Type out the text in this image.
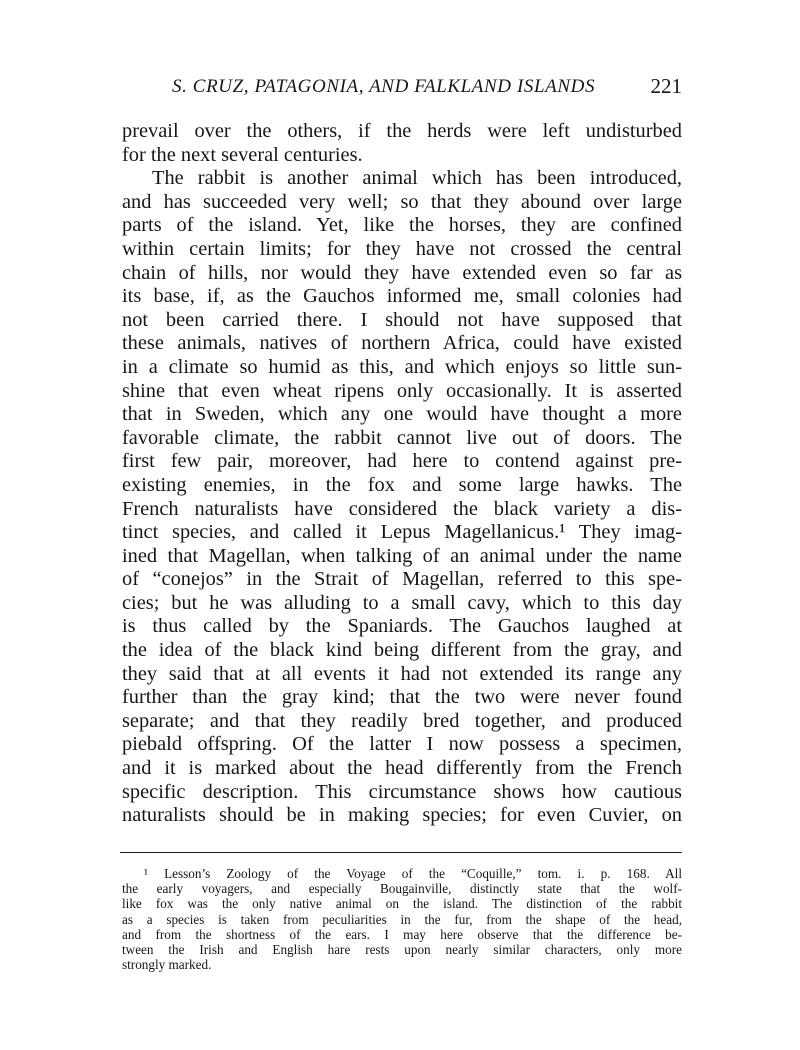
S. CRUZ, PATAGONIA, AND FALKLAND ISLANDS	221
prevail over the others, if the herds were left undisturbed
for the next several centuries.
The rabbit is another animal which has been introduced,
and has succeeded very well; so that they abound over large
parts of the island. Yet, like the horses, they are confined
within certain limits; for they have not crossed the central
chain of hills, nor would they have extended even so far as
its base, if, as the Gauchos informed me, small colonies had
not been carried there. I should not have supposed that
these animals, natives of northern Africa, could have existed
in a climate so humid as this, and which enjoys so little sun-
shine that even wheat ripens only occasionally. It is asserted
that in Sweden, which any one would have thought a more
favorable climate, the rabbit cannot live out of doors. The
first few pair, moreover, had here to contend against pre-
existing enemies, in the fox and some large hawks. The
French naturalists have considered the black variety a dis-
tinct species, and called it Lepus Magellanicus.¹ They imag-
ined that Magellan, when talking of an animal under the name
of “conejos” in the Strait of Magellan, referred to this spe-
cies; but he was alluding to a small cavy, which to this day
is thus called by the Spaniards. The Gauchos laughed at
the idea of the black kind being different from the gray, and
they said that at all events it had not extended its range any
further than the gray kind; that the two were never found
separate; and that they readily bred together, and produced
piebald offspring. Of the latter I now possess a specimen,
and it is marked about the head differently from the French
specific description. This circumstance shows how cautious
naturalists should be in making species; for even Cuvier, on
¹ Lesson’s Zoology of the Voyage of the “Coquille,” tom. i. p. 168. All
the early voyagers, and especially Bougainville, distinctly state that the wolf-
like fox was the only native animal on the island. The distinction of the rabbit
as a species is taken from peculiarities in the fur, from the shape of the head,
and from the shortness of the ears. I may here observe that the difference be-
tween the Irish and English hare rests upon nearly similar characters, only more
strongly marked.
